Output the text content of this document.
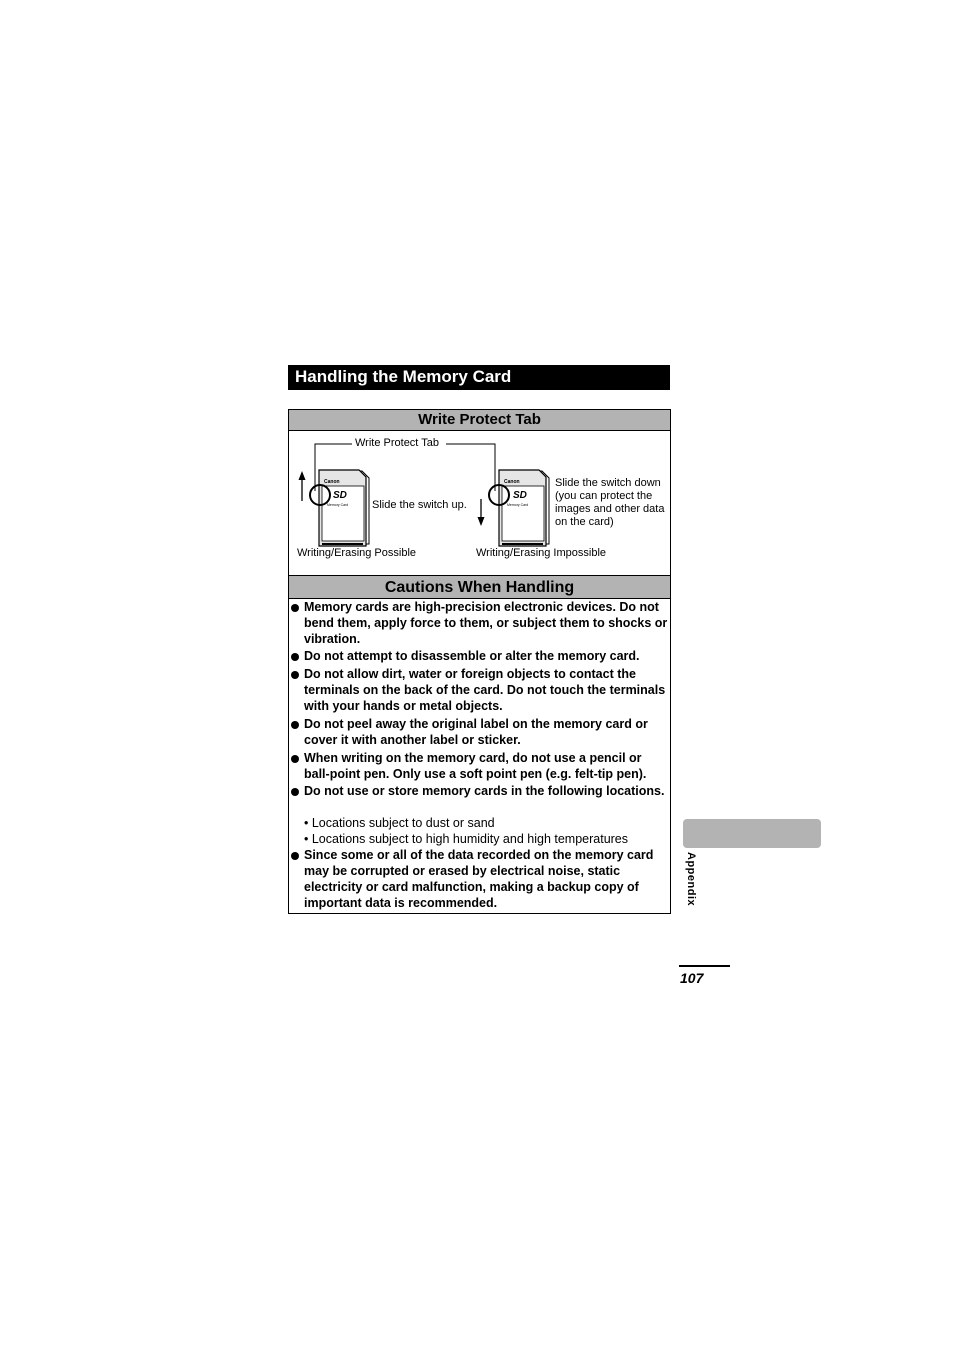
Handling the Memory Card
Write Protect Tab
Canon
SD
Memory Card
Canon
SD
Memory Card
Write Protect Tab
Slide the switch up.
Slide the switch down (you can protect the images and other data on the card)
Writing/Erasing Possible	Writing/Erasing Impossible
Cautions When Handling
Memory cards are high-precision electronic devices. Do not bend them, apply force to them, or subject them to shocks or vibration.
Do not attempt to disassemble or alter the memory card.
Do not allow dirt, water or foreign objects to contact the terminals on the back of the card. Do not touch the terminals with your hands or metal objects.
Do not peel away the original label on the memory card or cover it with another label or sticker.
When writing on the memory card, do not use a pencil or ball-point pen. Only use a soft point pen (e.g. felt-tip pen).
Do not use or store memory cards in the following locations.
• Locations subject to dust or sand
• Locations subject to high humidity and high temperatures
Since some or all of the data recorded on the memory card may be corrupted or erased by electrical noise, static electricity or card malfunction, making a backup copy of important data is recommended.	Appendix
107
